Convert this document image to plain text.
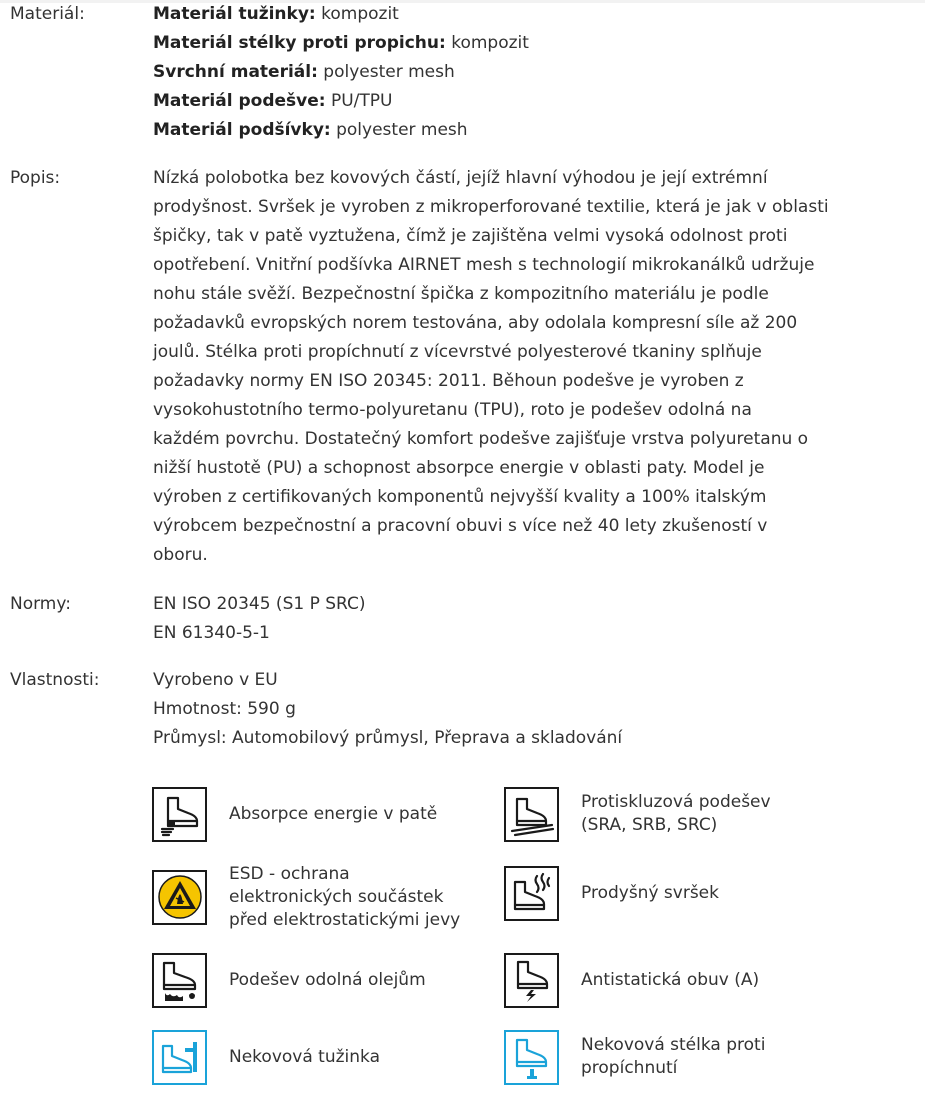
Materiál:	Materiál tužinky: kompozit
Materiál stélky proti propichu: kompozit
Svrchní materiál: polyester mesh
Materiál podešve: PU/TPU
Materiál podšívky: polyester mesh
Popis:	Nízká polobotka bez kovových částí, jejíž hlavní výhodou je její extrémní
prodyšnost. Svršek je vyroben z mikroperforované textilie, která je jak v oblasti
špičky, tak v patě vyztužena, čímž je zajištěna velmi vysoká odolnost proti
opotřebení. Vnitřní podšívka AIRNET mesh s technologií mikrokanálků udržuje
nohu stále svěží. Bezpečnostní špička z kompozitního materiálu je podle
požadavků evropských norem testována, aby odolala kompresní síle až 200
joulů. Stélka proti propíchnutí z vícevrstvé polyesterové tkaniny splňuje
požadavky normy EN ISO 20345: 2011. Běhoun podešve je vyroben z
vysokohustotního termo-polyuretanu (TPU), roto je podešev odolná na
každém povrchu. Dostatečný komfort podešve zajišťuje vrstva polyuretanu o
nižší hustotě (PU) a schopnost absorpce energie v oblasti paty. Model je
výroben z certifikovaných komponentů nejvyšší kvality a 100% italským
výrobcem bezpečnostní a pracovní obuvi s více než 40 lety zkušeností v
oboru.
Normy:	EN ISO 20345 (S1 P SRC)
EN 61340-5-1
Vlastnosti:	Vyrobeno v EU
Hmotnost: 590 g
Průmysl: Automobilový průmysl, Přeprava a skladování
Absorpce energie v patě
Protiskluzová podešev
(SRA, SRB, SRC)
ESD - ochrana
elektronických součástek
před elektrostatickými jevy
Prodyšný svršek
Podešev odolná olejům	Antistatická obuv (A)
Nekovová tužinka
Nekovová stélka proti
propíchnutí
